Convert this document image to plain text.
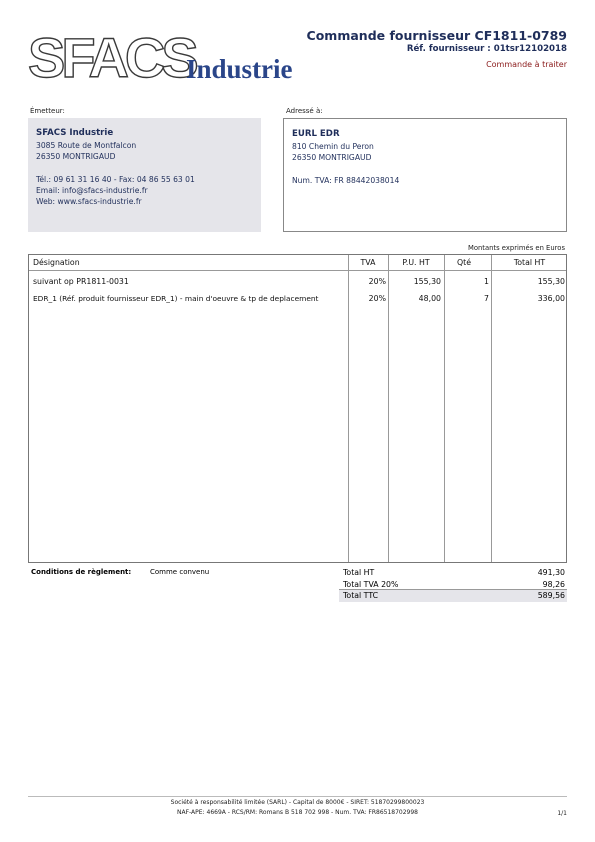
SFACS
Industrie
Commande fournisseur CF1811-0789
Réf. fournisseur : 01tsr12102018
Commande à traiter
Émetteur:
SFACS Industrie
3085 Route de Montfalcon
26350 MONTRIGAUD
Tél.: 09 61 31 16 40 - Fax: 04 86 55 63 01
Email: info@sfacs-industrie.fr
Web: www.sfacs-industrie.fr
Adressé à:
EURL EDR
810 Chemin du Peron
26350 MONTRIGAUD
Num. TVA: FR 88442038014
Montants exprimés en Euros
Désignation	TVA	P.U. HT	Qté	Total HT
suivant op PR1811-0031	20%	155,30	1	155,30
EDR_1 (Réf. produit fournisseur EDR_1) - main d'oeuvre & tp de deplacement	20%	48,00	7	336,00
Conditions de règlement:	Comme convenu	Total HT	491,30
Total TVA 20%	98,26
Total TTC	589,56
Société à responsabilité limitée (SARL) - Capital de 8000€ - SIRET: 51870299800023
NAF-APE: 4669A - RCS/RM: Romans B 518 702 998 - Num. TVA: FR86518702998	1/1
